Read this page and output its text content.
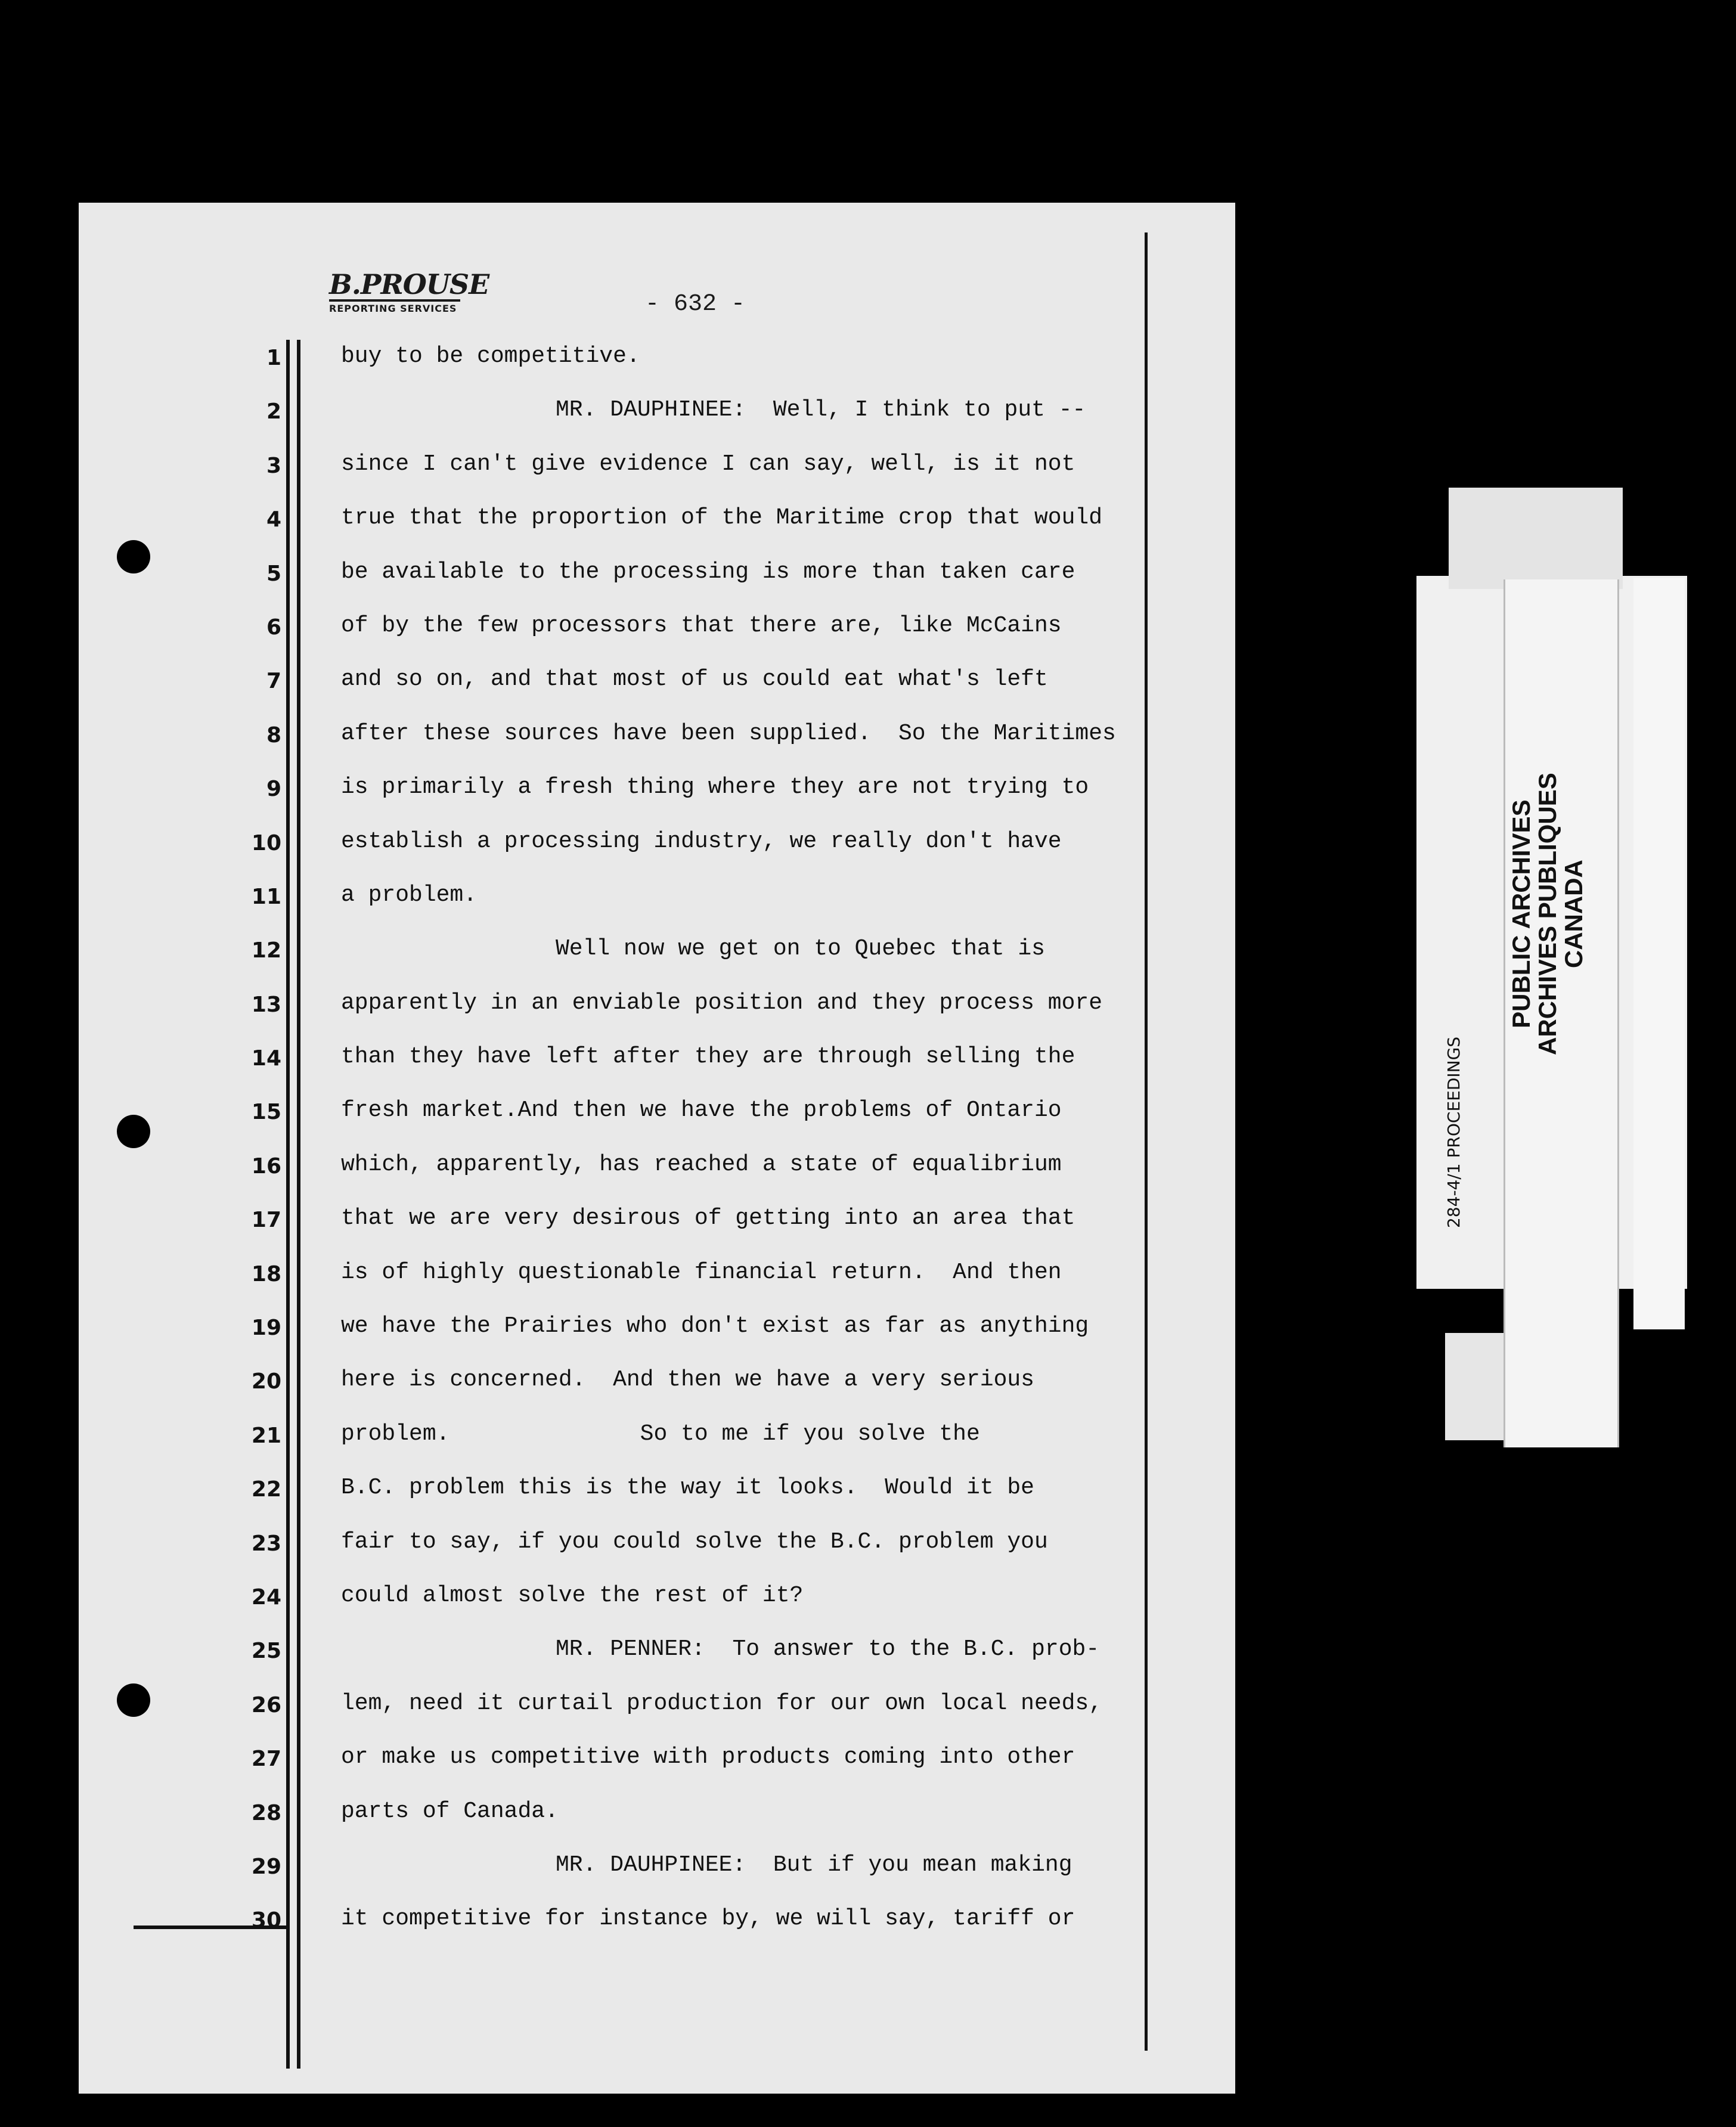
B.PROUSE
REPORTING SERVICES	- 632 -
1	buy to be competitive.
2	MR. DAUPHINEE:  Well, I think to put --
3	since I can't give evidence I can say, well, is it not
4	true that the proportion of the Maritime crop that would
5	be available to the processing is more than taken care
6	of by the few processors that there are, like McCains
7	and so on, and that most of us could eat what's left
8	after these sources have been supplied.  So the Maritimes
9	is primarily a fresh thing where they are not trying to
10	establish a processing industry, we really don't have
11	a problem.
12	Well now we get on to Quebec that is
13	apparently in an enviable position and they process more
14	than they have left after they are through selling the
15	fresh market.And then we have the problems of Ontario
16	which, apparently, has reached a state of equalibrium
17	that we are very desirous of getting into an area that
18	is of highly questionable financial return.  And then
19	we have the Prairies who don't exist as far as anything
20	here is concerned.  And then we have a very serious
21	problem.              So to me if you solve the
22	B.C. problem this is the way it looks.  Would it be
23	fair to say, if you could solve the B.C. problem you
24	could almost solve the rest of it?
25	MR. PENNER:  To answer to the B.C. prob-
26	lem, need it curtail production for our own local needs,
27	or make us competitive with products coming into other
28	parts of Canada.
29	MR. DAUHPINEE:  But if you mean making
30	it competitive for instance by, we will say, tariff or
PUBLIC ARCHIVES
ARCHIVES PUBLIQUES
CANADA
284-4/1 PROCEEDINGS
